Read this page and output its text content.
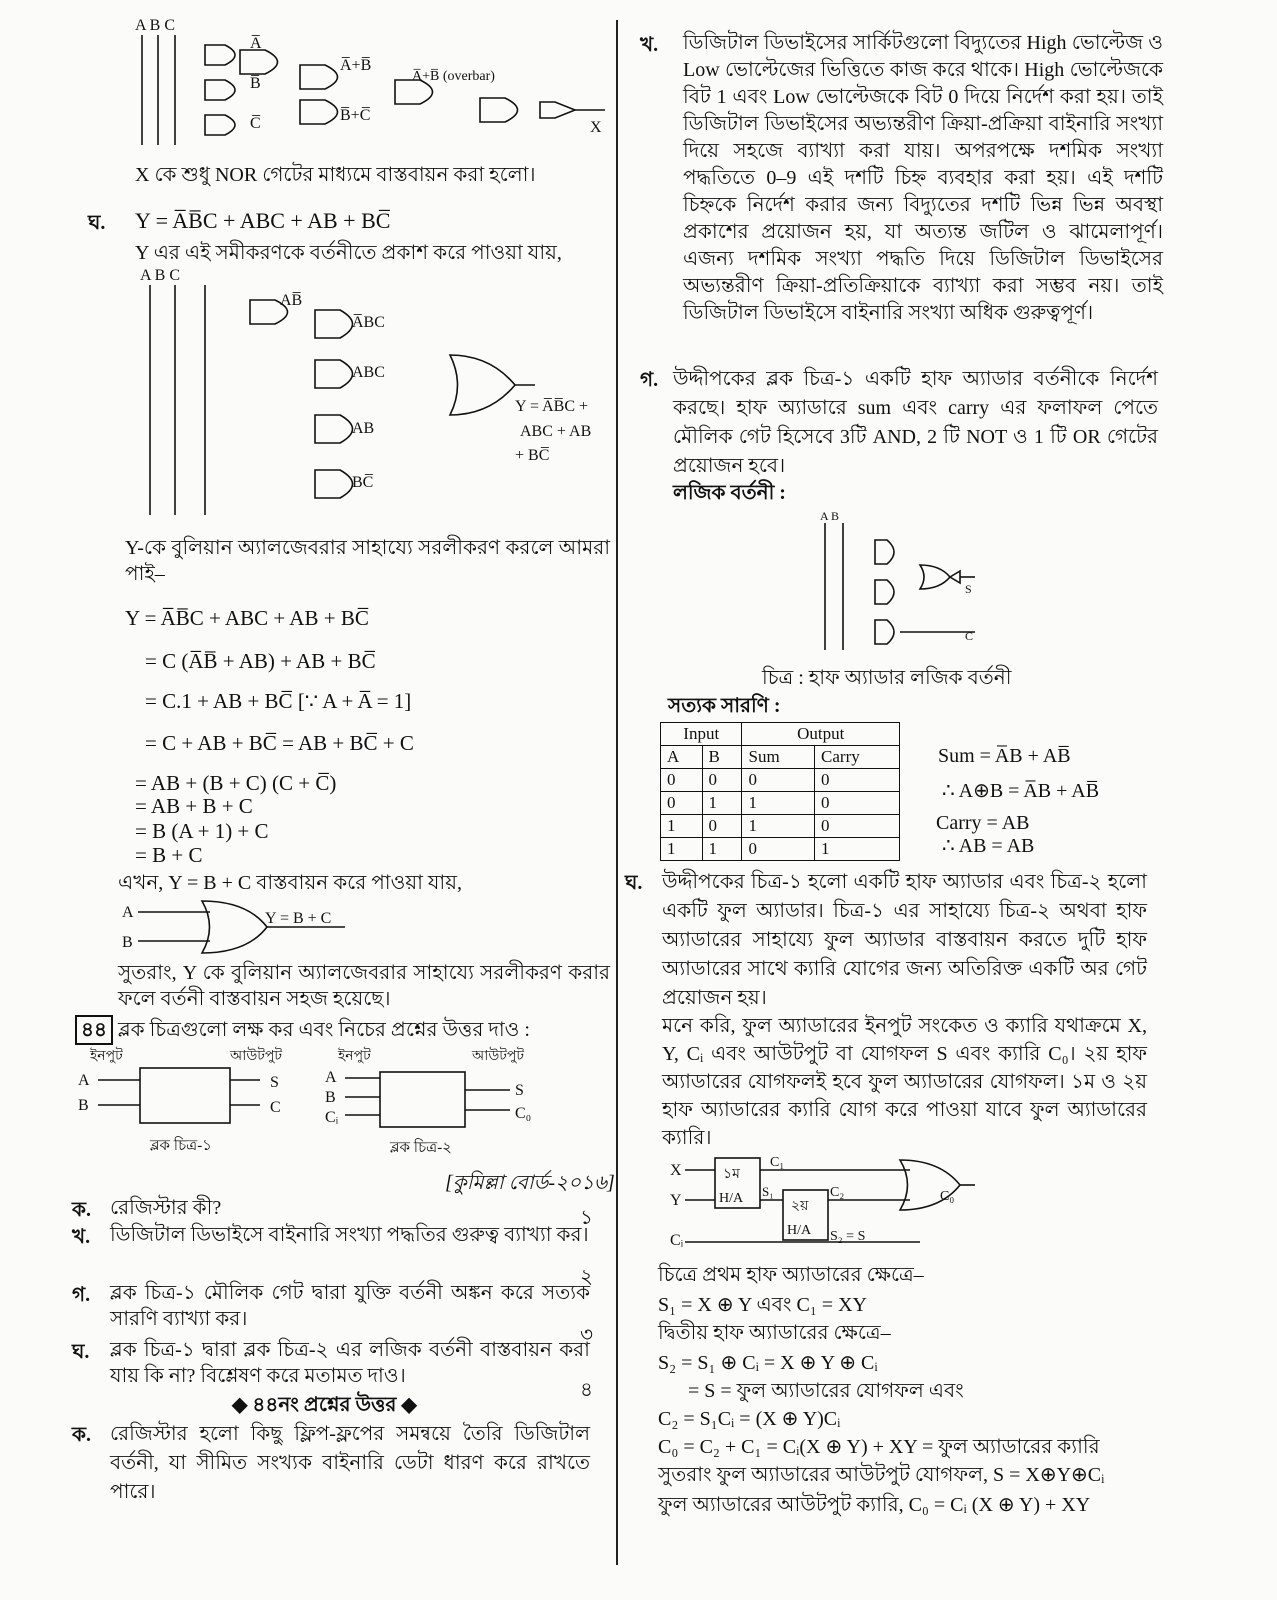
A B C
A̅
B̅
C̅
A̅+B̅
B̅+C̅
A̅+B̅ (overbar)
X
X কে শুধু NOR গেটের মাধ্যমে বাস্তবায়ন করা হলো।
ঘ. Y = A̅B̅C + ABC + AB + BC̅
Y এর এই সমীকরণকে বর্তনীতে প্রকাশ করে পাওয়া যায়,
A B C
AB̅
A̅BC
ABC
AB
BC̅
Y = A̅B̅C +
ABC + AB
+ BC̅
Y-কে বুলিয়ান অ্যালজেবরার সাহায্যে সরলীকরণ করলে আমরা পাই–
Y = A̅B̅C + ABC + AB + BC̅
= C (A̅B̅ + AB) + AB + BC̅
= C.1 + AB + BC̅ [∵ A + A̅ = 1]
= C + AB + BC̅ = AB + BC̅ + C
= AB + (B + C) (C + C̅)
= AB + B + C
= B (A + 1) + C
= B + C
এখন, Y = B + C বাস্তবায়ন করে পাওয়া যায়,
A
B
Y = B + C
সুতরাং, Y কে বুলিয়ান অ্যালজেবরার সাহায্যে সরলীকরণ করার ফলে বর্তনী বাস্তবায়ন সহজ হয়েছে।
৪৪ ব্লক চিত্রগুলো লক্ষ কর এবং নিচের প্রশ্নের উত্তর দাও :
ইনপুট	আউটপুট
A
B
S
C
ব্লক চিত্র-১
ইনপুট	আউটপুট
A
B
Cᵢ
S
C₀
ব্লক চিত্র-২
[কুমিল্লা বোর্ড-২০১৬]
ক. রেজিস্টার কী?	১
খ. ডিজিটাল ডিভাইসে বাইনারি সংখ্যা পদ্ধতির গুরুত্ব ব্যাখ্যা কর।
২
গ. ব্লক চিত্র-১ মৌলিক গেট দ্বারা যুক্তি বর্তনী অঙ্কন করে সত্যক সারণি ব্যাখ্যা কর।
৩
ঘ. ব্লক চিত্র-১ দ্বারা ব্লক চিত্র-২ এর লজিক বর্তনী বাস্তবায়ন করা যায় কি না? বিশ্লেষণ করে মতামত দাও।
৪
◆ ৪৪নং প্রশ্নের উত্তর ◆
ক. রেজিস্টার হলো কিছু ফ্লিপ-ফ্লপের সমন্বয়ে তৈরি ডিজিটাল বর্তনী, যা সীমিত সংখ্যক বাইনারি ডেটা ধারণ করে রাখতে পারে।
খ. ডিজিটাল ডিভাইসের সার্কিটগুলো বিদ্যুতের High ভোল্টেজ ও Low ভোল্টেজের ভিত্তিতে কাজ করে থাকে। High ভোল্টেজকে বিট 1 এবং Low ভোল্টেজকে বিট 0 দিয়ে নির্দেশ করা হয়। তাই ডিজিটাল ডিভাইসের অভ্যন্তরীণ ক্রিয়া-প্রক্রিয়া বাইনারি সংখ্যা দিয়ে সহজে ব্যাখ্যা করা যায়। অপরপক্ষে দশমিক সংখ্যা পদ্ধতিতে 0–9 এই দশটি চিহ্ন ব্যবহার করা হয়। এই দশটি চিহ্নকে নির্দেশ করার জন্য বিদ্যুতের দশটি ভিন্ন ভিন্ন অবস্থা প্রকাশের প্রয়োজন হয়, যা অত্যন্ত জটিল ও ঝামেলাপূর্ণ। এজন্য দশমিক সংখ্যা পদ্ধতি দিয়ে ডিজিটাল ডিভাইসের অভ্যন্তরীণ ক্রিয়া-প্রতিক্রিয়াকে ব্যাখ্যা করা সম্ভব নয়। তাই ডিজিটাল ডিভাইসে বাইনারি সংখ্যা অধিক গুরুত্বপূর্ণ।
গ. উদ্দীপকের ব্লক চিত্র-১ একটি হাফ অ্যাডার বর্তনীকে নির্দেশ করছে। হাফ অ্যাডারে sum এবং carry এর ফলাফল পেতে মৌলিক গেট হিসেবে 3টি AND, 2 টি NOT ও 1 টি OR গেটের প্রয়োজন হবে।
লজিক বর্তনী :
A B
S
C
চিত্র : হাফ অ্যাডার লজিক বর্তনী
সত্যক সারণি :
Input		Output	
A	B	Sum	Carry
0	0	0	0
0	1	1	0
1	0	1	0
1	1	0	1
Sum = A̅B + AB̅
∴ A⊕B = A̅B + AB̅
Carry = AB
∴ AB = AB
ঘ. উদ্দীপকের চিত্র-১ হলো একটি হাফ অ্যাডার এবং চিত্র-২ হলো একটি ফুল অ্যাডার। চিত্র-১ এর সাহায্যে চিত্র-২ অথবা হাফ অ্যাডারের সাহায্যে ফুল অ্যাডার বাস্তবায়ন করতে দুটি হাফ অ্যাডারের সাথে ক্যারি যোগের জন্য অতিরিক্ত একটি অর গেট প্রয়োজন হয়।
মনে করি, ফুল অ্যাডারের ইনপুট সংকেত ও ক্যারি যথাক্রমে X, Y, Cᵢ এবং আউটপুট বা যোগফল S এবং ক্যারি C₀। ২য় হাফ অ্যাডারের যোগফলই হবে ফুল অ্যাডারের যোগফল। ১ম ও ২য় হাফ অ্যাডারের ক্যারি যোগ করে পাওয়া যাবে ফুল অ্যাডারের ক্যারি।
X
Y
Cᵢ
১ম
H/A
২য়
H/A
C₁
S₁	C₂
S₂ = S
C₀
চিত্রে প্রথম হাফ অ্যাডারের ক্ষেত্রে–
S₁ = X ⊕ Y এবং C₁ = XY
দ্বিতীয় হাফ অ্যাডারের ক্ষেত্রে–
S₂ = S₁ ⊕ Cᵢ = X ⊕ Y ⊕ Cᵢ
= S = ফুল অ্যাডারের যোগফল এবং
C₂ = S₁Cᵢ = (X ⊕ Y)Cᵢ
C₀ = C₂ + C₁ = Cᵢ(X ⊕ Y) + XY = ফুল অ্যাডারের ক্যারি
সুতরাং ফুল অ্যাডারের আউটপুট যোগফল, S = X⊕Y⊕Cᵢ
ফুল অ্যাডারের আউটপুট ক্যারি, C₀ = Cᵢ (X ⊕ Y) + XY
